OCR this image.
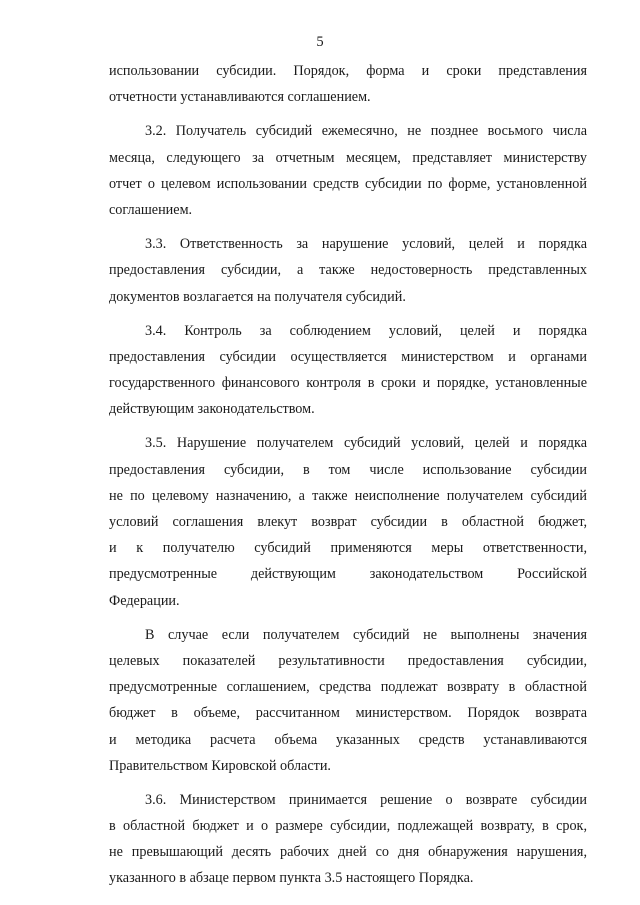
5
использовании субсидии. Порядок, форма и сроки представления
отчетности устанавливаются соглашением.
3.2. Получатель субсидий ежемесячно, не позднее восьмого числа
месяца, следующего за отчетным месяцем, представляет министерству
отчет о целевом использовании средств субсидии по форме, установленной
соглашением.
3.3. Ответственность за нарушение условий, целей и порядка
предоставления субсидии, а также недостоверность представленных
документов возлагается на получателя субсидий.
3.4. Контроль за соблюдением условий, целей и порядка
предоставления субсидии осуществляется министерством и органами
государственного финансового контроля в сроки и порядке, установленные
действующим законодательством.
3.5. Нарушение получателем субсидий условий, целей и порядка
предоставления субсидии, в том числе использование субсидии
не по целевому назначению, а также неисполнение получателем субсидий
условий соглашения влекут возврат субсидии в областной бюджет,
и к получателю субсидий применяются меры ответственности,
предусмотренные действующим законодательством Российской
Федерации.
В случае если получателем субсидий не выполнены значения
целевых показателей результативности предоставления субсидии,
предусмотренные соглашением, средства подлежат возврату в областной
бюджет в объеме, рассчитанном министерством. Порядок возврата
и методика расчета объема указанных средств устанавливаются
Правительством Кировской области.
3.6. Министерством принимается решение о возврате субсидии
в областной бюджет и о размере субсидии, подлежащей возврату, в срок,
не превышающий десять рабочих дней со дня обнаружения нарушения,
указанного в абзаце первом пункта 3.5 настоящего Порядка.
